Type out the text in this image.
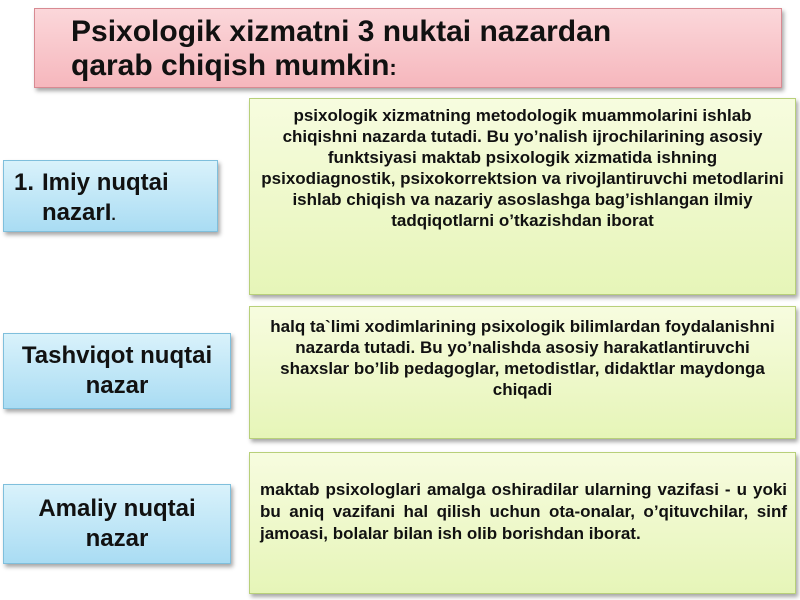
Psixologik xizmatni 3 nuktai nazardan
qarab chiqish mumkin:
1. Imiy nuqtai nazarI.
psixologik xizmatning metodologik muammolarini ishlab chiqishni nazarda tutadi. Bu yo’nalish ijrochilarining asosiy funktsiyasi maktab psixologik xizmatida ishning psixodiagnostik, psixokorrektsion va rivojlantiruvchi metodlarini ishlab chiqish va nazariy asoslashga bag’ishlangan ilmiy tadqiqotlarni o’tkazishdan iborat
Tashviqot nuqtai nazar
halq ta`limi xodimlarining psixologik bilimlardan foydalanishni nazarda tutadi. Bu yo’nalishda asosiy harakatlantiruvchi shaxslar bo’lib pedagoglar, metodistlar, didaktlar maydonga chiqadi
Amaliy nuqtai nazar
maktab psixologlari amalga oshiradilar ularning vazifasi - u yoki bu aniq vazifani hal qilish uchun ota-onalar, o’qituvchilar, sinf jamoasi, bolalar bilan ish olib borishdan iborat.
